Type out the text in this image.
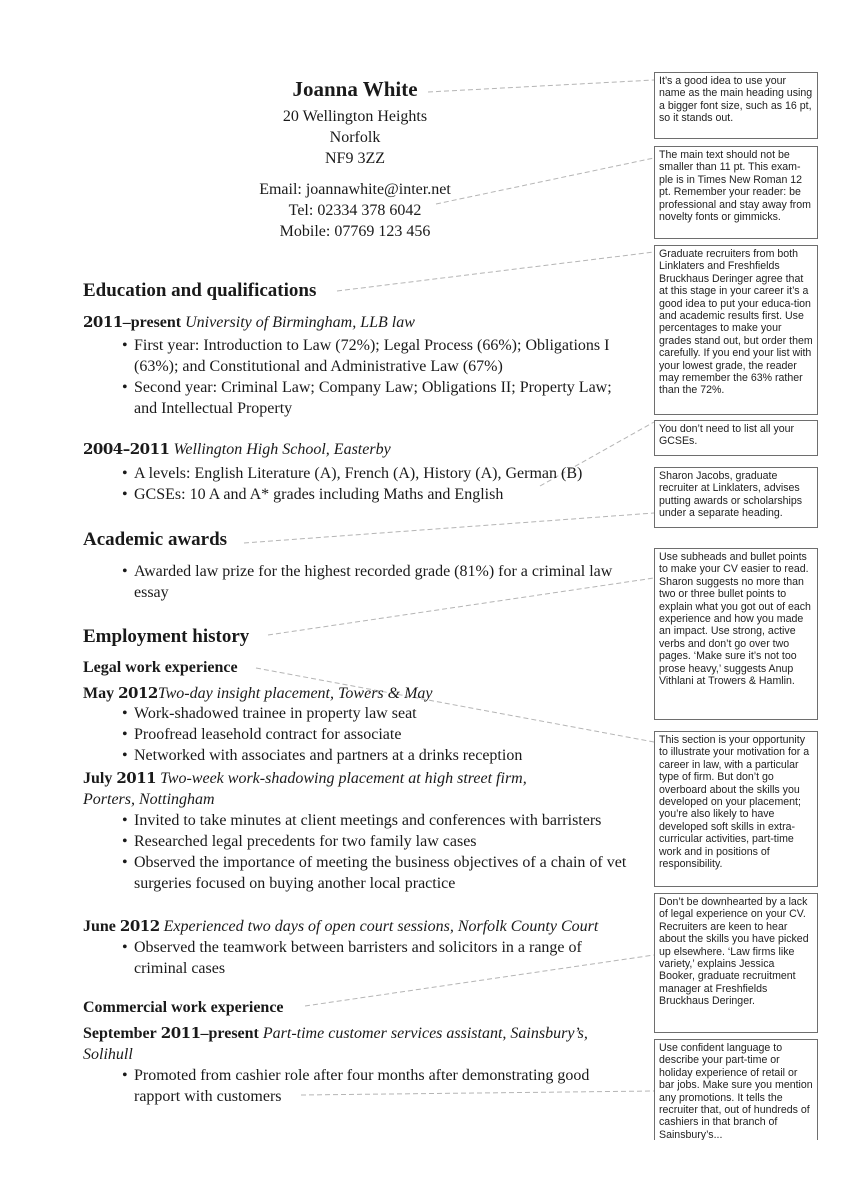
Joanna White
20 Wellington Heights
Norfolk
NF9 3ZZ
Email: joannawhite@inter.net
Tel: 02334 378 6042
Mobile: 07769 123 456
Education and qualifications
2011–present University of Birmingham, LLB law
• First year: Introduction to Law (72%); Legal Process (66%); Obligations I (63%); and Constitutional and Administrative Law (67%)
• Second year: Criminal Law; Company Law; Obligations II; Property Law; and Intellectual Property
2004–2011 Wellington High School, Easterby
• A levels: English Literature (A), French (A), History (A), German (B)
• GCSEs: 10 A and A* grades including Maths and English
Academic awards
• Awarded law prize for the highest recorded grade (81%) for a criminal law essay
Employment history
Legal work experience
May 2012Two-day insight placement, Towers & May
• Work-shadowed trainee in property law seat
• Proofread leasehold contract for associate
• Networked with associates and partners at a drinks reception
July 2011 Two-week work-shadowing placement at high street firm,
Porters, Nottingham
• Invited to take minutes at client meetings and conferences with barristers
• Researched legal precedents for two family law cases
• Observed the importance of meeting the business objectives of a chain of vet surgeries focused on buying another local practice
June 2012 Experienced two days of open court sessions, Norfolk County Court
• Observed the teamwork between barristers and solicitors in a range of criminal cases
Commercial work experience
September 2011–present Part-time customer services assistant, Sainsbury’s,
Solihull
• Promoted from cashier role after four months after demonstrating good rapport with customers
It’s a good idea to use your name as the main heading using a bigger font size, such as 16 pt, so it stands out.
The main text should not be smaller than 11 pt. This exam-ple is in Times New Roman 12 pt. Remember your reader: be professional and stay away from novelty fonts or gimmicks.
Graduate recruiters from both Linklaters and Freshfields Bruckhaus Deringer agree that at this stage in your career it’s a good idea to put your educa-tion and academic results first. Use percentages to make your grades stand out, but order them carefully. If you end your list with your lowest grade, the reader may remember the 63% rather than the 72%.
You don’t need to list all your GCSEs.
Sharon Jacobs, graduate recruiter at Linklaters, advises putting awards or scholarships under a separate heading.
Use subheads and bullet points to make your CV easier to read. Sharon suggests no more than two or three bullet points to explain what you got out of each experience and how you made an impact. Use strong, active verbs and don’t go over two pages. ‘Make sure it’s not too prose heavy,’ suggests Anup Vithlani at Trowers & Hamlin.
This section is your opportunity to illustrate your motivation for a career in law, with a particular type of firm. But don’t go overboard about the skills you developed on your placement; you’re also likely to have developed soft skills in extra-curricular activities, part-time work and in positions of responsibility.
Don’t be downhearted by a lack of legal experience on your CV. Recruiters are keen to hear about the skills you have picked up elsewhere. ‘Law firms like variety,’ explains Jessica Booker, graduate recruitment manager at Freshfields Bruckhaus Deringer.
Use confident language to describe your part-time or holiday experience of retail or bar jobs. Make sure you mention any promotions. It tells the recruiter that, out of hundreds of cashiers in that branch of Sainsbury’s...
